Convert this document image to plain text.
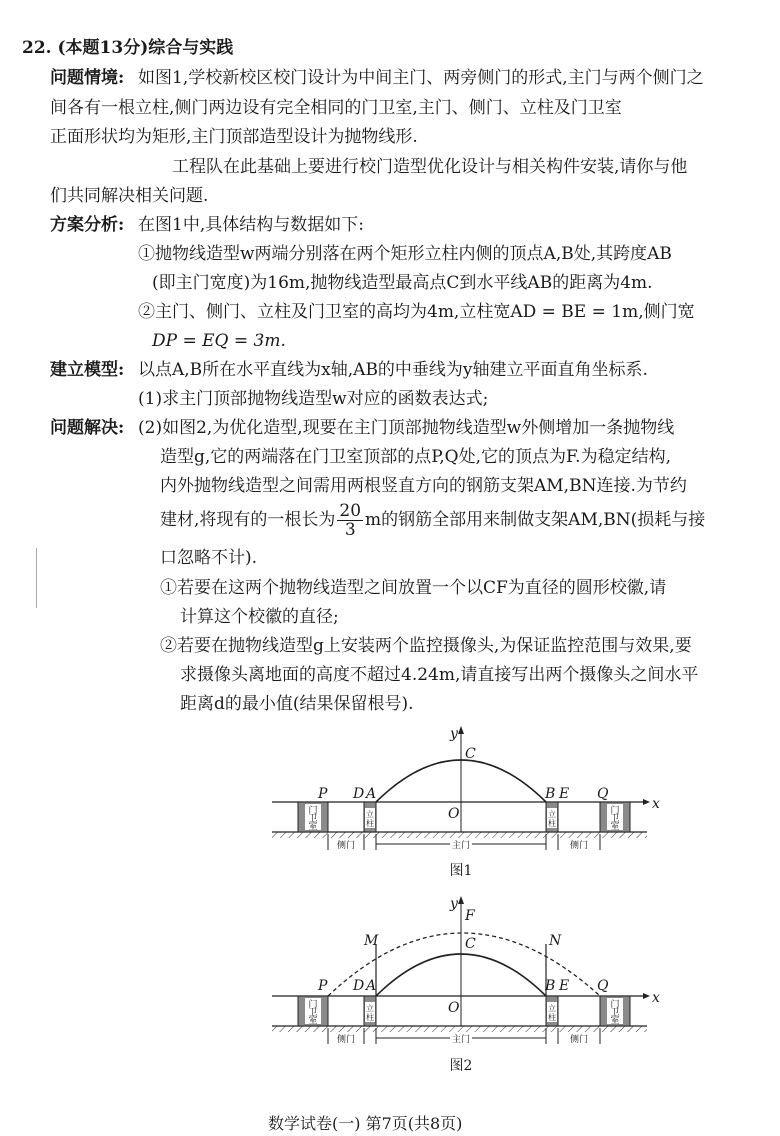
22. (本题13分)综合与实践
问题情境: 如图1,学校新校区校门设计为中间主门、两旁侧门的形式,主门与两个侧门之
间各有一根立柱,侧门两边设有完全相同的门卫室,主门、侧门、立柱及门卫室
正面形状均为矩形,主门顶部造型设计为抛物线形.
工程队在此基础上要进行校门造型优化设计与相关构件安装,请你与他
们共同解决相关问题.
方案分析: 在图1中,具体结构与数据如下:
①抛物线造型w两端分别落在两个矩形立柱内侧的顶点A,B处,其跨度AB
(即主门宽度)为16m,抛物线造型最高点C到水平线AB的距离为4m.
②主门、侧门、立柱及门卫室的高均为4m,立柱宽AD = BE = 1m,侧门宽
DP = EQ = 3m.
建立模型: 以点A,B所在水平直线为x轴,AB的中垂线为y轴建立平面直角坐标系.
(1)求主门顶部抛物线造型w对应的函数表达式;
问题解决: (2)如图2,为优化造型,现要在主门顶部抛物线造型w外侧增加一条抛物线
造型g,它的两端落在门卫室顶部的点P,Q处,它的顶点为F.为稳定结构,
内外抛物线造型之间需用两根竖直方向的钢筋支架AM,BN连接.为节约
建材,将现有的一根长为 $\frac{20}{3}$ m的钢筋全部用来制做支架AM,BN(损耗与接
口忽略不计).
①若要在这两个抛物线造型之间放置一个以CF为直径的圆形校徽,请
计算这个校徽的直径;
②若要在抛物线造型g上安装两个监控摄像头,为保证监控范围与效果,要
求摄像头离地面的高度不超过4.24m,请直接写出两个摄像头之间水平
距离d的最小值(结果保留根号).
x
y
门
卫
室
门
卫
室
立
柱
立
柱
侧门	侧门
主门
C
O
P D A	B E Q
图1
x
y
门
卫
室
门
卫
室
立
柱
立
柱
侧门	侧门
主门
F
C
M	N
O
P D A	B E Q
图2
数学试卷(一) 第7页(共8页)
